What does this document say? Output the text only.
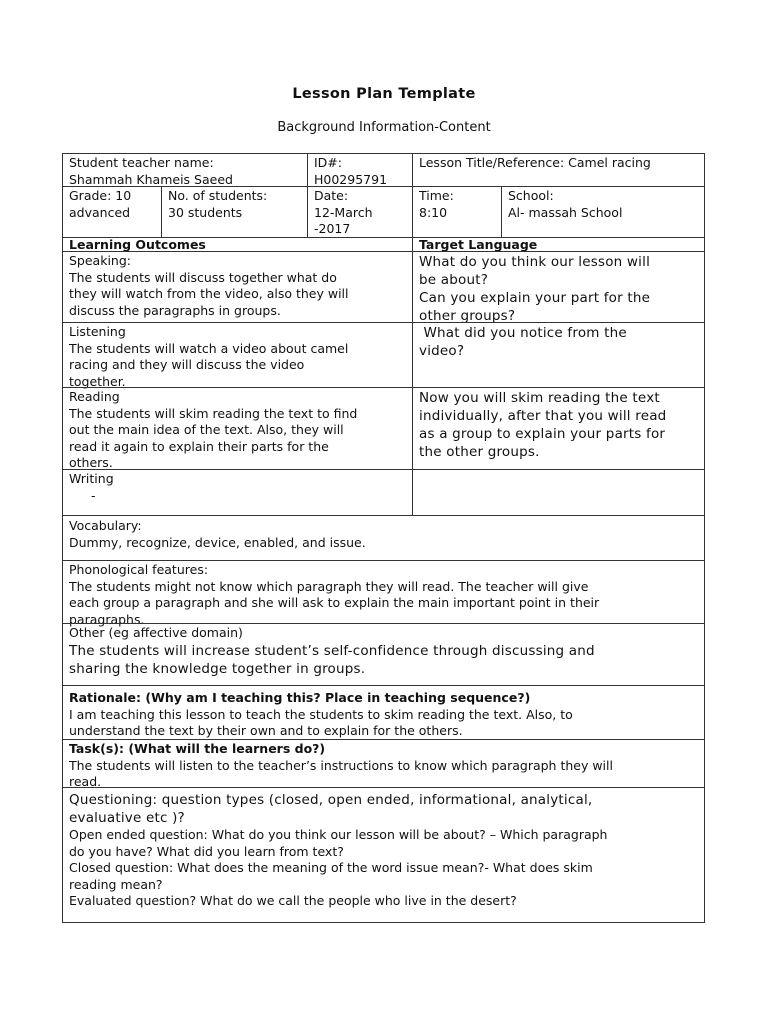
Lesson Plan Template
Background Information-Content
Student teacher name:
Shammah Khameis Saeed
ID#:
H00295791
Lesson Title/Reference: Camel racing
Grade: 10
advanced
No. of students:
30 students
Date:
12-March
-2017
Time:
8:10
School:
Al- massah School
Learning Outcomes	Target Language
Speaking:
The students will discuss together what do
they will watch from the video, also they will
discuss the paragraphs in groups.
What do you think our lesson will
be about?
Can you explain your part for the
other groups?
Listening
The students will watch a video about camel
racing and they will discuss the video
together.
What did you notice from the
video?
Reading
The students will skim reading the text to find
out the main idea of the text. Also, they will
read it again to explain their parts for the
others.
Now you will skim reading the text
individually, after that you will read
as a group to explain your parts for
the other groups.
Writing
-
Vocabulary:
Dummy, recognize, device, enabled, and issue.
Phonological features:
The students might not know which paragraph they will read. The teacher will give
each group a paragraph and she will ask to explain the main important point in their
paragraphs.
Other (eg affective domain)
The students will increase student’s self-confidence through discussing and
sharing the knowledge together in groups.
Rationale: (Why am I teaching this? Place in teaching sequence?)
I am teaching this lesson to teach the students to skim reading the text. Also, to
understand the text by their own and to explain for the others.
Task(s): (What will the learners do?)
The students will listen to the teacher’s instructions to know which paragraph they will
read.
Questioning: question types (closed, open ended, informational, analytical,
evaluative etc )?
Open ended question: What do you think our lesson will be about? – Which paragraph
do you have? What did you learn from text?
Closed question: What does the meaning of the word issue mean?- What does skim
reading mean?
Evaluated question? What do we call the people who live in the desert?
